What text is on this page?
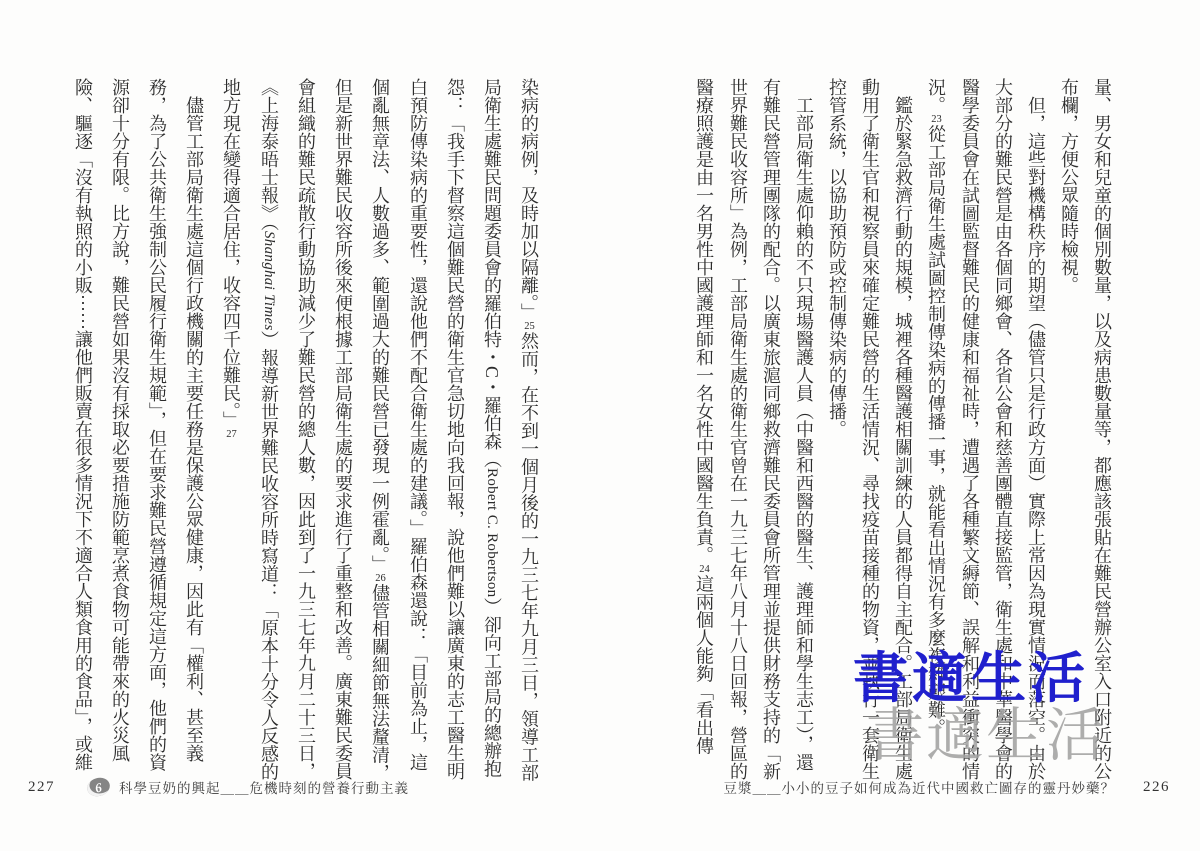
染病的病例，及時加以隔離。」25然而，在不到一個月後的一九三七年九月三日，領導工部局衛生處難民問題委員會的羅伯特・C・羅伯森（Robert C. Robertson）卻向工部局的總辦抱怨：「我手下督察這個難民營的衛生官急切地向我回報，說他們難以讓廣東的志工醫生明白預防傳染病的重要性，還說他們不配合衛生處的建議。」羅伯森還說：「目前為止，這個亂無章法、人數過多、範圍過大的難民營已發現一例霍亂。」26儘管相關細節無法釐清，但是新世界難民收容所後來便根據工部局衛生處的要求進行了重整和改善。廣東難民委員會組織的難民疏散行動協助減少了難民營的總人數，因此到了一九三七年九月二十三日，《上海泰晤士報》（Shanghai Times）報導新世界難民收容所時寫道：「原本十分令人反感的地方現在變得適合居住，收容四千位難民。」27

儘管工部局衛生處這個行政機關的主要任務是保護公眾健康，因此有「權利、甚至義務，為了公共衛生強制公民履行衛生規範」，但在要求難民營遵循規定這方面，他們的資源卻十分有限。比方說，難民營如果沒有採取必要措施防範烹煮食物可能帶來的火災風險、驅逐「沒有執照的小販⋯⋯讓他們販賣在很多情況下不適合人類食用的食品」，或維

227	6 科學豆奶的興起＿＿危機時刻的營養行動主義

量、男女和兒童的個別數量，以及病患數量等，都應該張貼在難民營辦公室入口附近的公布欄，方便公眾隨時檢視。

但，這些對機構秩序的期望（儘管只是行政方面）實際上常因為現實情況而落空。由於大部分的難民營是由各個同鄉會、各省公會和慈善團體直接監管，衛生處和中華醫學會的醫學委員會在試圖監督難民的健康和福祉時，遭遇了各種繁文縟節、誤解和利益衝突的情況。23從工部局衛生處試圖控制傳染病的傳播一事，就能看出情況有多麼複雜艱難。

鑑於緊急救濟行動的規模，城裡各種醫護相關訓練的人員都得自主配合。工部局衛生處動用了衛生官和視察員來確定難民營的生活情況、尋找疫苗接種的物資，並執行一套衛生控管系統，以協助預防或控制傳染病的傳播。

工部局衛生處仰賴的不只現場醫護人員（中醫和西醫的醫生、護理師和學生志工），還有難民營管理團隊的配合。以廣東旅滬同鄉救濟難民委員會所管理並提供財務支持的「新世界難民收容所」為例，工部局衛生處的衛生官曾在一九三七年八月十八日回報，營區的醫療照護是由一名男性中國護理師和一名女性中國醫生負責。24這兩個人能夠「看出傳

豆漿＿＿小小的豆子如何成為近代中國救亡圖存的靈丹妙藥？ 226
書適生活
書適生活
